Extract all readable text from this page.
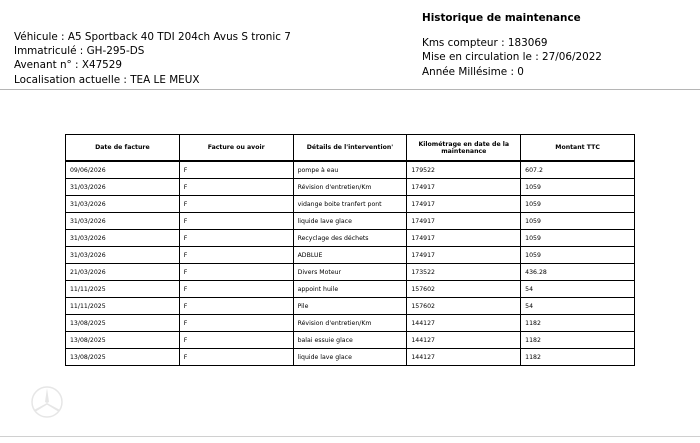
Véhicule : A5 Sportback 40 TDI 204ch Avus S tronic 7
Immatriculé : GH-295-DS
Avenant n° : X47529
Localisation actuelle : TEA LE MEUX
Historique de maintenance
Kms compteur : 183069
Mise en circulation le : 27/06/2022
Année Millésime : 0
Date de facture	Facture ou avoir	Détails de l'intervention'	Kilométrage en date de la maintenance	Montant TTC

09/06/2026	F	pompe à eau	179522	607.2
31/03/2026	F	Révision d'entretien/Km	174917	1059
31/03/2026	F	vidange boite tranfert pont	174917	1059
31/03/2026	F	liquide lave glace	174917	1059
31/03/2026	F	Recyclage des déchets	174917	1059
31/03/2026	F	ADBLUE	174917	1059
21/03/2026	F	Divers Moteur	173522	436.28
11/11/2025	F	appoint huile	157602	54
11/11/2025	F	Pile	157602	54
13/08/2025	F	Révision d'entretien/Km	144127	1182
13/08/2025	F	balai essuie glace	144127	1182
13/08/2025	F	liquide lave glace	144127	1182
